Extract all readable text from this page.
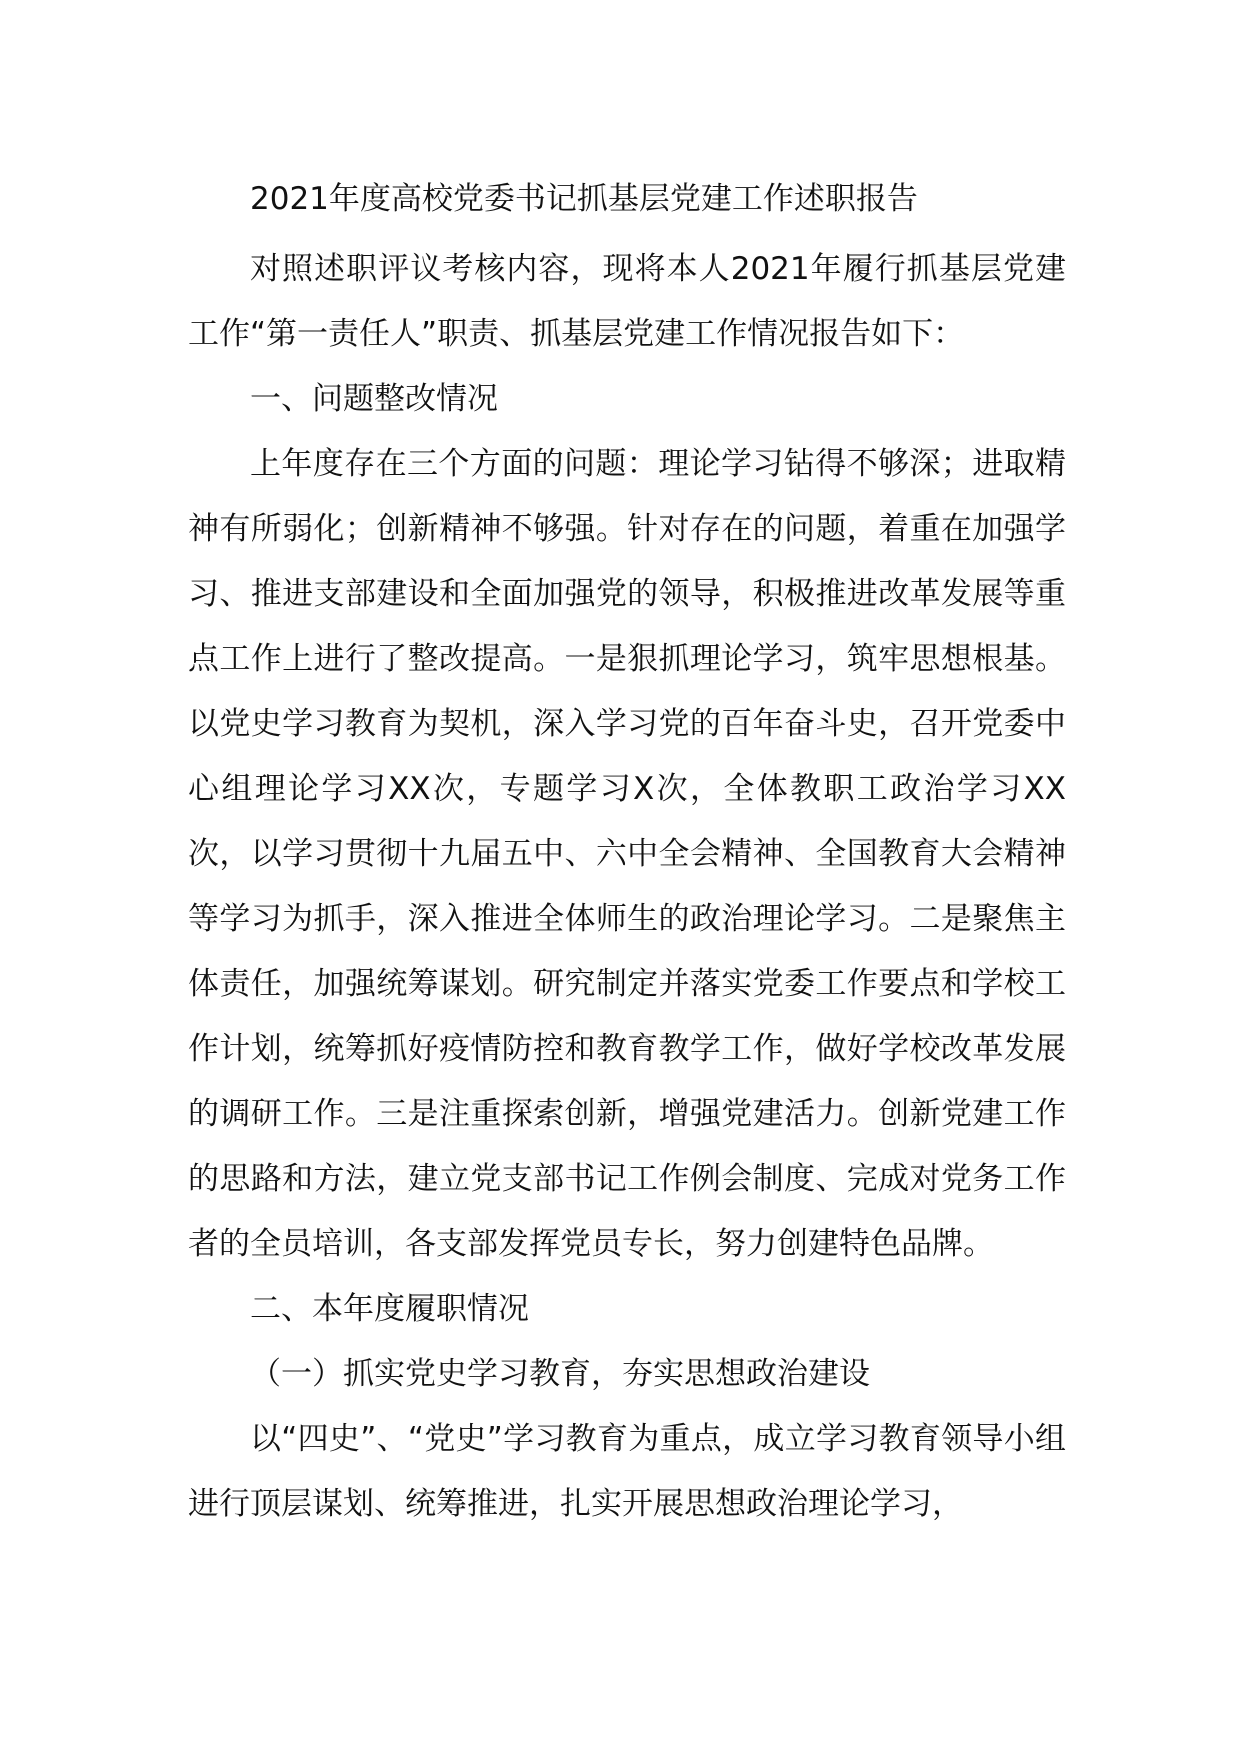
2021年度高校党委书记抓基层党建工作述职报告

对照述职评议考核内容，现将本人2021年履行抓基层党建工作“第一责任人”职责、抓基层党建工作情况报告如下：

一、问题整改情况

上年度存在三个方面的问题：理论学习钻得不够深；进取精神有所弱化；创新精神不够强。针对存在的问题，着重在加强学习、推进支部建设和全面加强党的领导，积极推进改革发展等重点工作上进行了整改提高。一是狠抓理论学习，筑牢思想根基。以党史学习教育为契机，深入学习党的百年奋斗史，召开党委中心组理论学习XX次，专题学习X次，全体教职工政治学习XX次，以学习贯彻十九届五中、六中全会精神、全国教育大会精神等学习为抓手，深入推进全体师生的政治理论学习。二是聚焦主体责任，加强统筹谋划。研究制定并落实党委工作要点和学校工作计划，统筹抓好疫情防控和教育教学工作，做好学校改革发展的调研工作。三是注重探索创新，增强党建活力。创新党建工作的思路和方法，建立党支部书记工作例会制度、完成对党务工作者的全员培训，各支部发挥党员专长，努力创建特色品牌。

二、本年度履职情况

（一）抓实党史学习教育，夯实思想政治建设

以“四史”、“党史”学习教育为重点，成立学习教育领导小组进行顶层谋划、统筹推进，扎实开展思想政治理论学习，
